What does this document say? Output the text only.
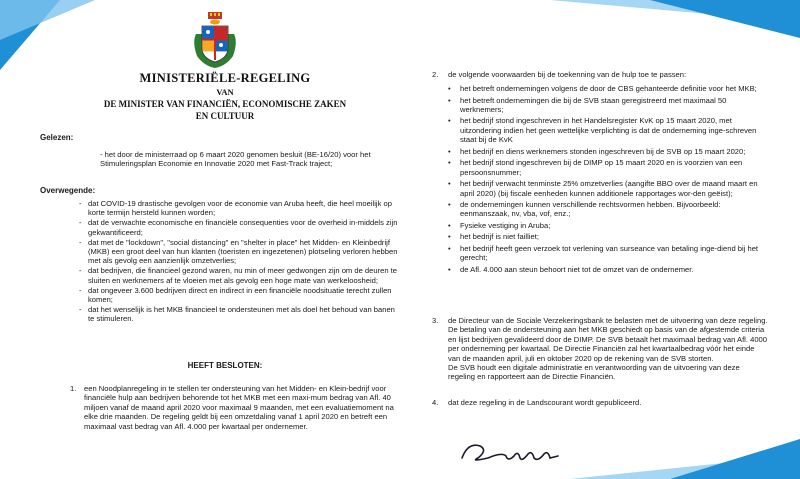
MINISTERIËLE-REGELING
VAN
DE MINISTER VAN FINANCIËN, ECONOMISCHE ZAKEN EN CULTUUR
Gelezen:
- het door de ministerraad op 6 maart 2020 genomen besluit (BE-16/20) voor het Stimuleringsplan Economie en Innovatie 2020 met Fast-Track traject;
Overwegende:
- dat COVID-19 drastische gevolgen voor de economie van Aruba heeft, die heel moeilijk op korte termijn hersteld kunnen worden;
- dat de verwachte economische en financiële consequenties voor de overheid in-middels zijn gekwantificeerd;
- dat met de "lockdown", "social distancing" en "shelter in place" het Midden- en Kleinbedrijf (MKB) een groot deel van hun klanten (toeristen en ingezetenen) plotseling verloren hebben met als gevolg een aanzienlijk omzetverlies;
- dat bedrijven, die financieel gezond waren, nu min of meer gedwongen zijn om de deuren te sluiten en werknemers af te vloeien met als gevolg een hoge mate van werkeloosheid;
- dat ongeveer 3.600 bedrijven direct en indirect in een financiële noodsituatie terecht zullen komen;
- dat het wenselijk is het MKB financieel te ondersteunen met als doel het behoud van banen te stimuleren.
HEEFT BESLOTEN:
1. een Noodplanregeling in te stellen ter ondersteuning van het Midden- en Klein-bedrijf voor financiële hulp aan bedrijven behorende tot het MKB met een maxi-mum bedrag van Afl. 40 miljoen vanaf de maand april 2020 voor maximaal 9 maanden, met een evaluatiemoment na elke drie maanden. De regeling geldt bij een omzetdaling vanaf 1 april 2020 en betreft een maximaal vast bedrag van Afl. 4.000 per kwartaal per ondernemer.
2. de volgende voorwaarden bij de toekenning van de hulp toe te passen:
• het betreft ondernemingen volgens de door de CBS gehanteerde definitie voor het MKB;
• het betreft ondernemingen die bij de SVB staan geregistreerd met maximaal 50 werknemers;
• het bedrijf stond ingeschreven in het Handelsregister KvK op 15 maart 2020, met uitzondering indien het geen wettelijke verplichting is dat de onderneming inge-schreven staat bij de KvK
• het bedrijf en diens werknemers stonden ingeschreven bij de SVB op 15 maart 2020;
• het bedrijf stond ingeschreven bij de DIMP op 15 maart 2020 en is voorzien van een persoonsnummer;
• het bedrijf verwacht tenminste 25% omzetverlies (aangifte BBO over de maand maart en april 2020) (bij fiscale eenheden kunnen additionele rapportages wor-den geëist);
• de ondernemingen kunnen verschillende rechtsvormen hebben. Bijvoorbeeld: eenmanszaak, nv, vba, vof, enz.;
• Fysieke vestiging in Aruba;
• het bedrijf is niet failliet;
• het bedrijf heeft geen verzoek tot verlening van surseance van betaling inge-diend bij het gerecht;
• de Afl. 4.000 aan steun behoort niet tot de omzet van de ondernemer.
3. de Directeur van de Sociale Verzekeringsbank te belasten met de uitvoering van deze regeling. De betaling van de ondersteuning aan het MKB geschiedt op basis van de afgestemde criteria en lijst bedrijven gevalideerd door de DIMP. De SVB betaalt het maximaal bedrag van Afl. 4000 per onderneming per kwartaal. De Directie Financiën zal het kwartaalbedrag vóór het einde van de maanden april, juli en oktober 2020 op de rekening van de SVB storten.
De SVB houdt een digitale administratie en verantwoording van de uitvoering van deze regeling en rapporteert aan de Directie Financiën.
4. dat deze regeling in de Landscourant wordt gepubliceerd.
